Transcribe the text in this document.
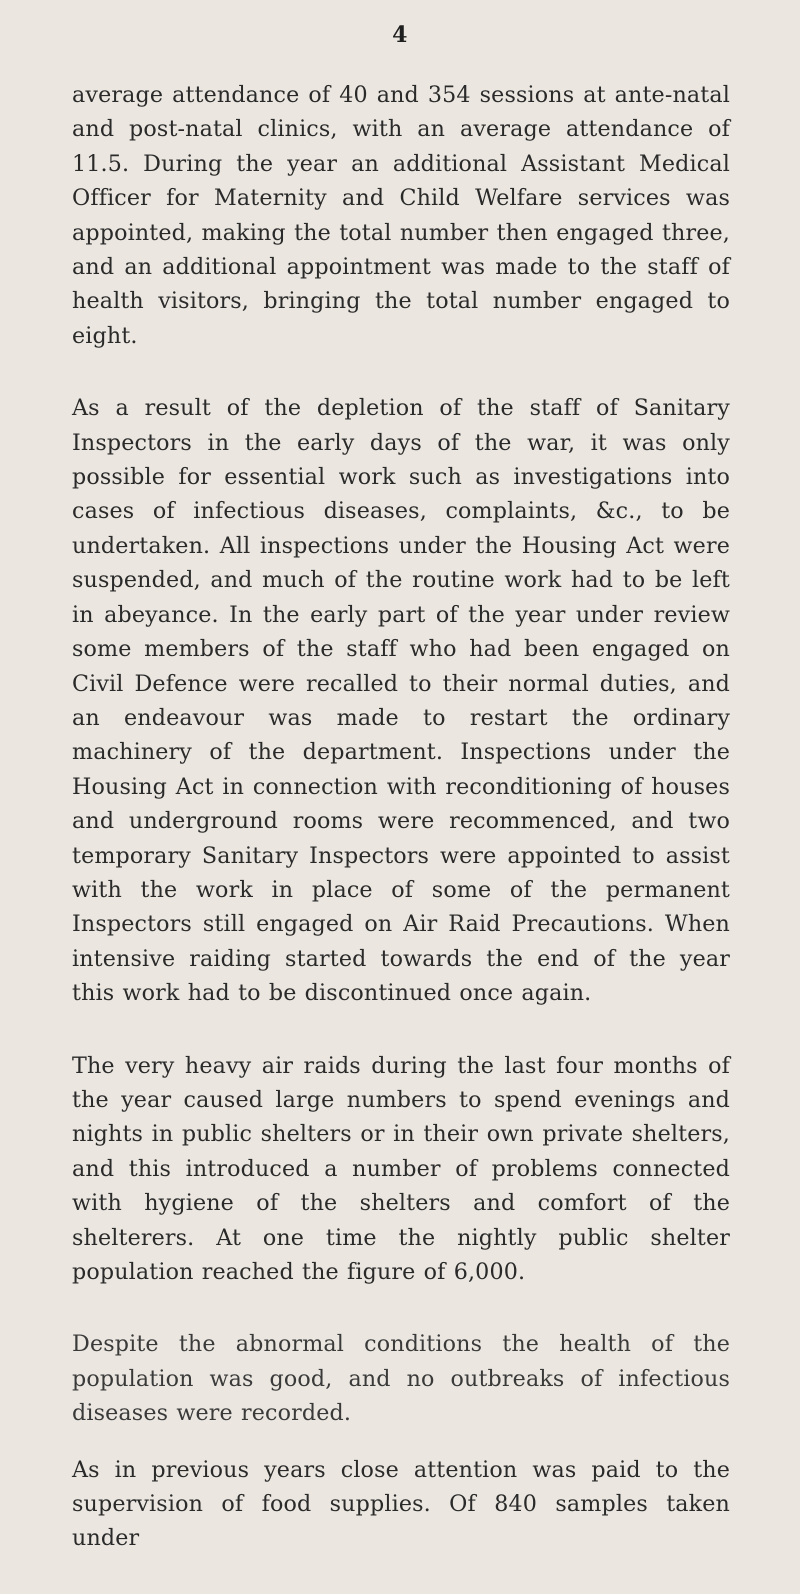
4

average attendance of 40 and 354 sessions at ante-natal and post-natal clinics, with an average attendance of 11.5. During the year an additional Assistant Medical Officer for Maternity and Child Welfare services was appointed, making the total number then engaged three, and an additional appointment was made to the staff of health visitors, bringing the total number engaged to eight.

As a result of the depletion of the staff of Sanitary Inspectors in the early days of the war, it was only possible for essential work such as investigations into cases of infectious diseases, complaints, &c., to be undertaken. All inspections under the Housing Act were suspended, and much of the routine work had to be left in abeyance. In the early part of the year under review some members of the staff who had been engaged on Civil Defence were recalled to their normal duties, and an endeavour was made to restart the ordinary machinery of the department. Inspections under the Housing Act in connection with reconditioning of houses and underground rooms were recommenced, and two temporary Sanitary Inspectors were appointed to assist with the work in place of some of the permanent Inspectors still engaged on Air Raid Precautions. When intensive raiding started towards the end of the year this work had to be discontinued once again.

The very heavy air raids during the last four months of the year caused large numbers to spend evenings and nights in public shelters or in their own private shelters, and this introduced a number of problems connected with hygiene of the shelters and comfort of the shelterers. At one time the nightly public shelter population reached the figure of 6,000.

Despite the abnormal conditions the health of the population was good, and no outbreaks of infectious diseases were recorded.

As in previous years close attention was paid to the supervision of food supplies. Of 840 samples taken under
